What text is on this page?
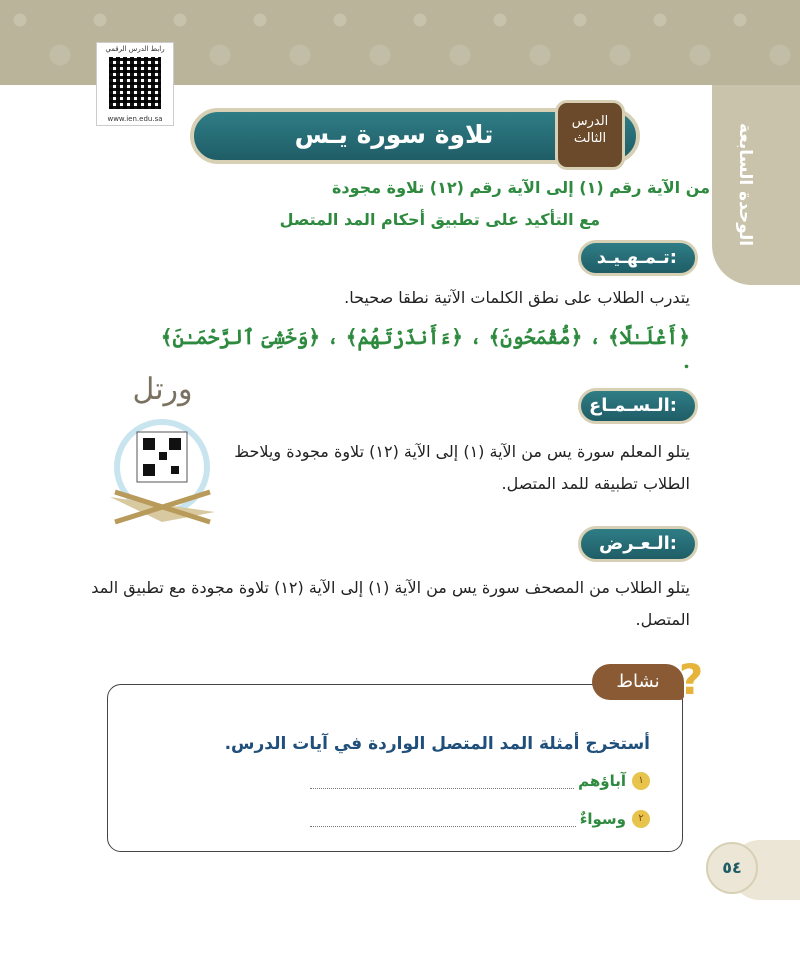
الوحدة السابعة
رابط الدرس الرقمي
www.ien.edu.sa
تلاوة سورة يـس	الدرس الثالث
من الآية رقم (١) إلى الآية رقم (١٢) تلاوة مجودة
مع التأكيد على تطبيق أحكام المد المتصل
تـمـهـيـد:
يتدرب الطلاب على نطق الكلمات الآتية نطقا صحيحا.
﴿أَغْلَـٰلًا﴾ ، ﴿مُّقْمَحُونَ﴾ ، ﴿ءَأَنذَرْتَهُمْ﴾ ، ﴿وَخَشِىَ ٱلرَّحْمَـٰنَ﴾ .
الـسـمـاع:
ورتل
يتلو المعلم سورة يس من الآية (١) إلى الآية (١٢) تلاوة مجودة ويلاحظ الطلاب تطبيقه للمد المتصل.
الـعـرض:
يتلو الطلاب من المصحف سورة يس من الآية (١) إلى الآية (١٢) تلاوة مجودة مع تطبيق المد المتصل.
نشاط ?
أستخرج أمثلة المد المتصل الواردة في آيات الدرس.
١
آباؤهم
٢
وسواءٌ
٥٤
